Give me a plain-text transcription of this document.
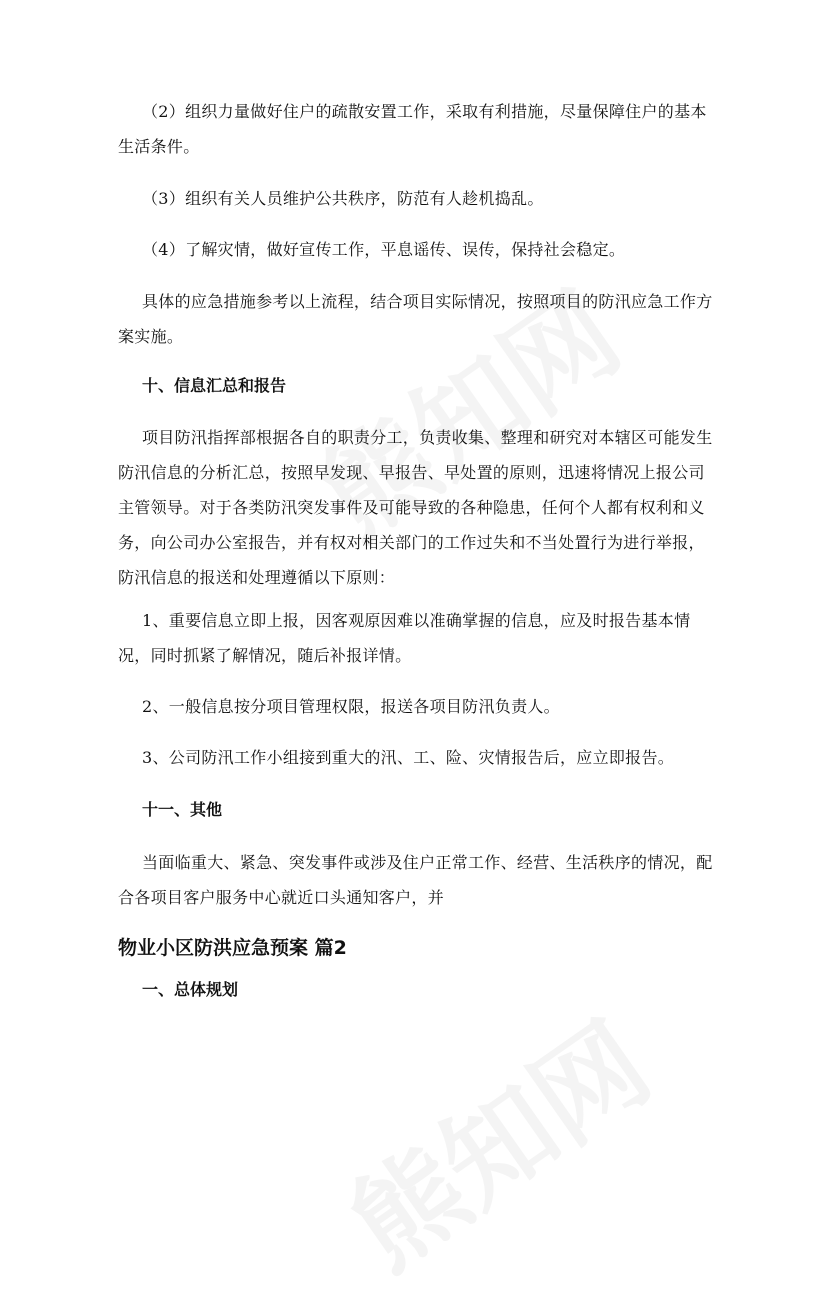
（2）组织力量做好住户的疏散安置工作，采取有利措施，尽量保障住户的基本生活条件。

（3）组织有关人员维护公共秩序，防范有人趁机捣乱。

（4）了解灾情，做好宣传工作，平息谣传、误传，保持社会稳定。

具体的应急措施参考以上流程，结合项目实际情况，按照项目的防汛应急工作方案实施。

十、信息汇总和报告

项目防汛指挥部根据各自的职责分工，负责收集、整理和研究对本辖区可能发生防汛信息的分析汇总，按照早发现、早报告、早处置的原则，迅速将情况上报公司主管领导。对于各类防汛突发事件及可能导致的各种隐患，任何个人都有权利和义务，向公司办公室报告，并有权对相关部门的工作过失和不当处置行为进行举报，防汛信息的报送和处理遵循以下原则：

1、重要信息立即上报，因客观原因难以准确掌握的信息，应及时报告基本情况，同时抓紧了解情况，随后补报详情。

2、一般信息按分项目管理权限，报送各项目防汛负责人。

3、公司防汛工作小组接到重大的汛、工、险、灾情报告后，应立即报告。

十一、其他

当面临重大、紧急、突发事件或涉及住户正常工作、经营、生活秩序的情况，配合各项目客户服务中心就近口头通知客户，并

物业小区防洪应急预案 篇2
一、总体规划
